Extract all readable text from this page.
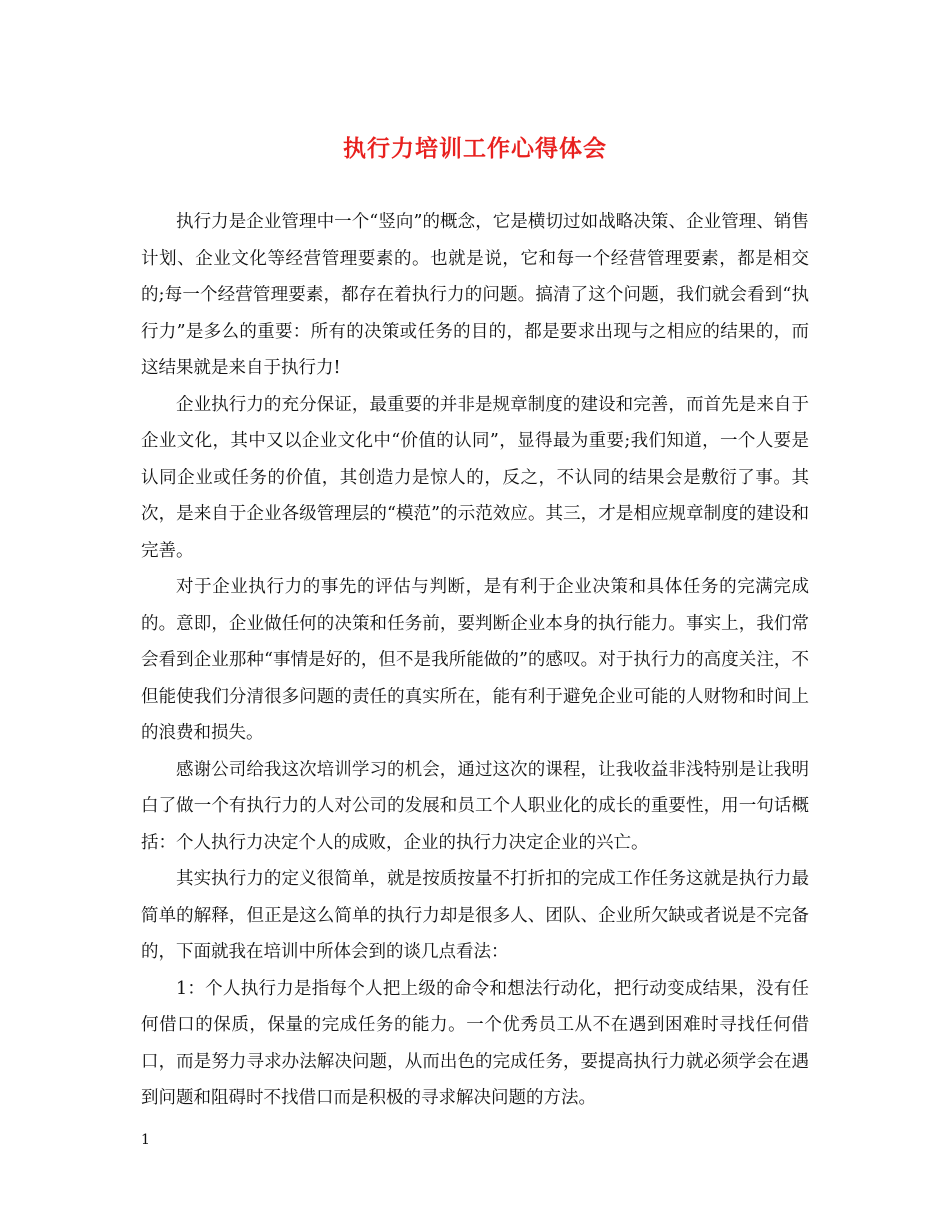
执行力培训工作心得体会

执行力是企业管理中一个“竖向”的概念，它是横切过如战略决策、企业管理、销售计划、企业文化等经营管理要素的。也就是说，它和每一个经营管理要素，都是相交的;每一个经营管理要素，都存在着执行力的问题。搞清了这个问题，我们就会看到“执行力”是多么的重要：所有的决策或任务的目的，都是要求出现与之相应的结果的，而这结果就是来自于执行力!

企业执行力的充分保证，最重要的并非是规章制度的建设和完善，而首先是来自于企业文化，其中又以企业文化中“价值的认同”，显得最为重要;我们知道，一个人要是认同企业或任务的价值，其创造力是惊人的，反之，不认同的结果会是敷衍了事。其次，是来自于企业各级管理层的“模范”的示范效应。其三，才是相应规章制度的建设和完善。

对于企业执行力的事先的评估与判断，是有利于企业决策和具体任务的完满完成的。意即，企业做任何的决策和任务前，要判断企业本身的执行能力。事实上，我们常会看到企业那种“事情是好的，但不是我所能做的”的感叹。对于执行力的高度关注，不但能使我们分清很多问题的责任的真实所在，能有利于避免企业可能的人财物和时间上的浪费和损失。

感谢公司给我这次培训学习的机会，通过这次的课程，让我收益非浅特别是让我明白了做一个有执行力的人对公司的发展和员工个人职业化的成长的重要性，用一句话概括：个人执行力决定个人的成败，企业的执行力决定企业的兴亡。

其实执行力的定义很简单，就是按质按量不打折扣的完成工作任务这就是执行力最简单的解释，但正是这么简单的执行力却是很多人、团队、企业所欠缺或者说是不完备的，下面就我在培训中所体会到的谈几点看法：

1：个人执行力是指每个人把上级的命令和想法行动化，把行动变成结果，没有任何借口的保质，保量的完成任务的能力。一个优秀员工从不在遇到困难时寻找任何借口，而是努力寻求办法解决问题，从而出色的完成任务，要提高执行力就必须学会在遇到问题和阻碍时不找借口而是积极的寻求解决问题的方法。

1
